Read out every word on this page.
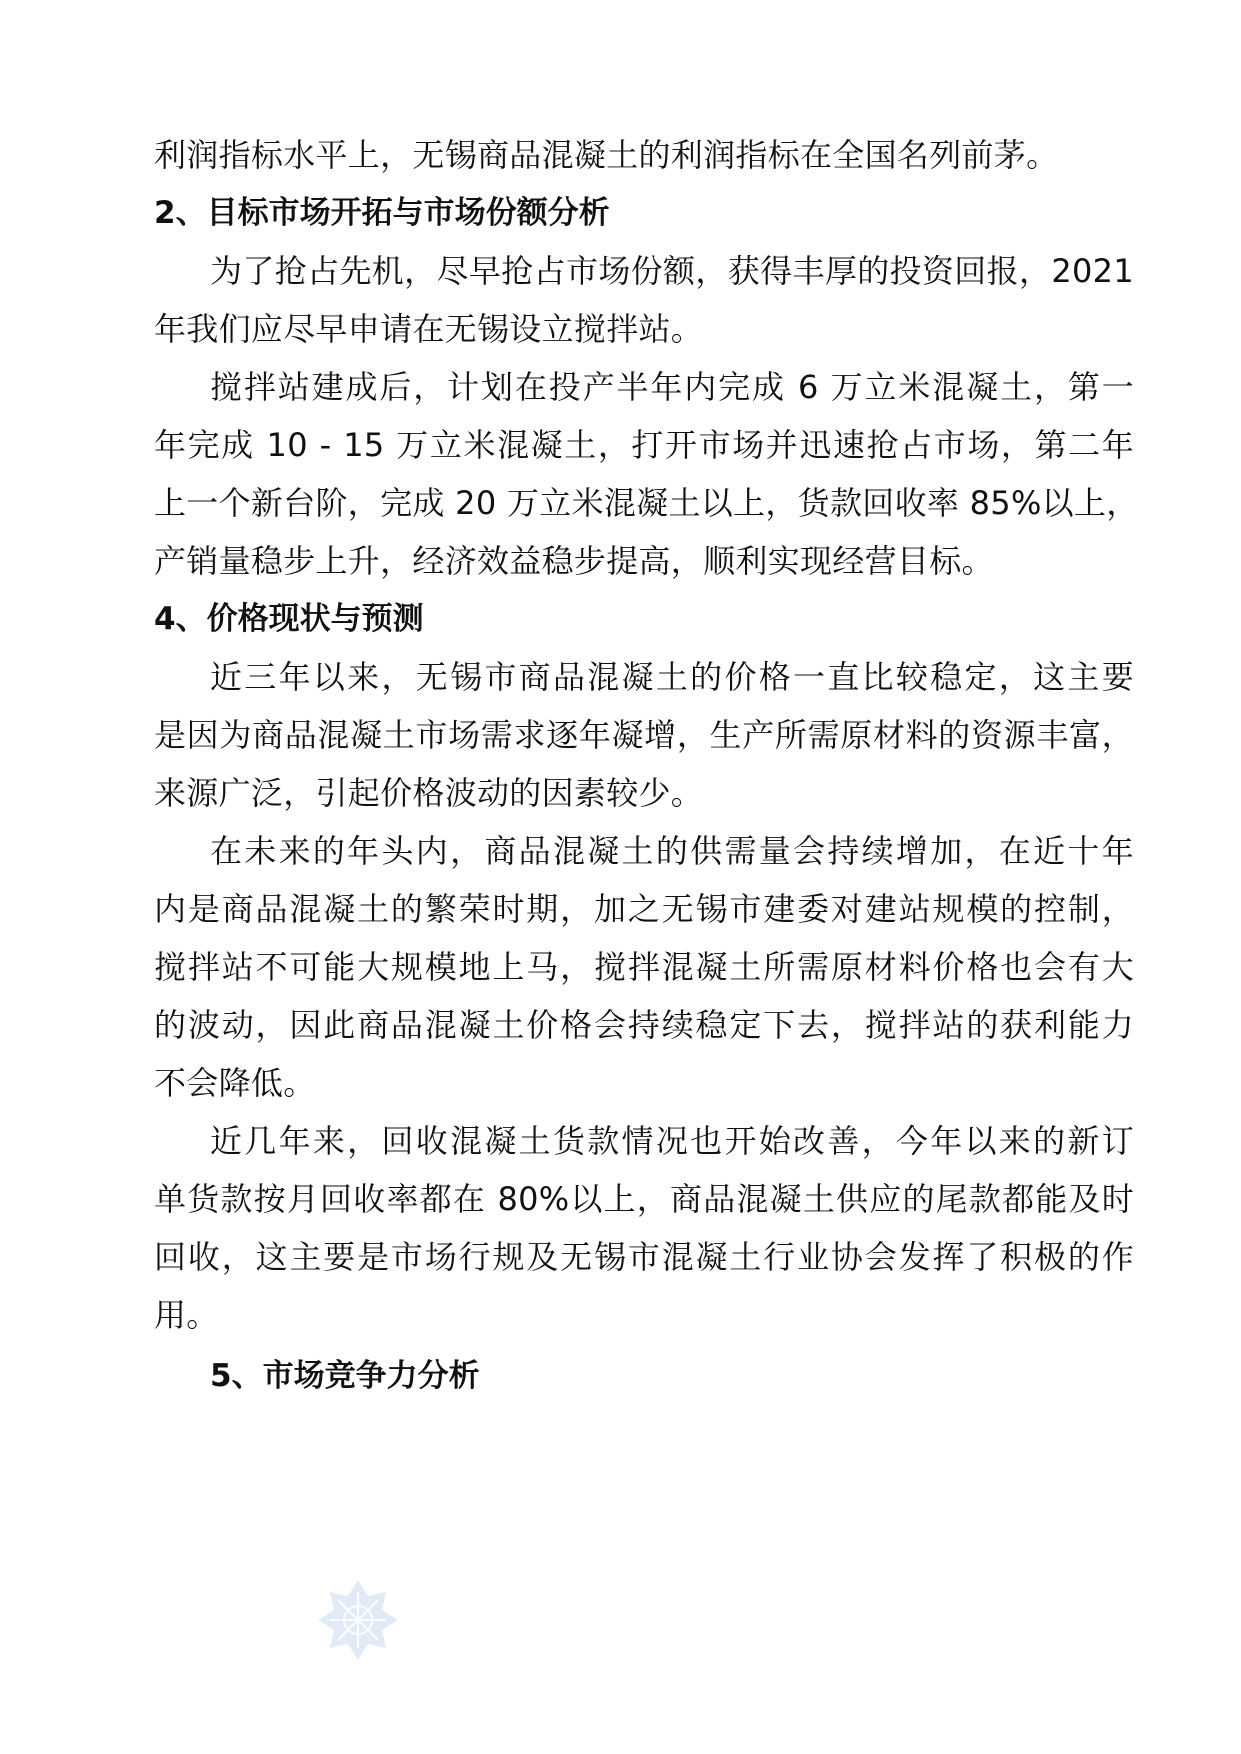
利润指标水平上，无锡商品混凝土的利润指标在全国名列前茅。
2、目标市场开拓与市场份额分析
为了抢占先机，尽早抢占市场份额，获得丰厚的投资回报，2021
年我们应尽早申请在无锡设立搅拌站。
搅拌站建成后，计划在投产半年内完成 6 万立米混凝土，第一
年完成 10 - 15 万立米混凝土，打开市场并迅速抢占市场，第二年
上一个新台阶，完成 20 万立米混凝土以上，货款回收率 85%以上，
产销量稳步上升，经济效益稳步提高，顺利实现经营目标。
4、价格现状与预测
近三年以来，无锡市商品混凝土的价格一直比较稳定，这主要
是因为商品混凝土市场需求逐年凝增，生产所需原材料的资源丰富，
来源广泛，引起价格波动的因素较少。
在未来的年头内，商品混凝土的供需量会持续增加，在近十年
内是商品混凝土的繁荣时期，加之无锡市建委对建站规模的控制，
搅拌站不可能大规模地上马，搅拌混凝土所需原材料价格也会有大
的波动，因此商品混凝土价格会持续稳定下去，搅拌站的获利能力
不会降低。
近几年来，回收混凝土货款情况也开始改善，今年以来的新订
单货款按月回收率都在 80%以上，商品混凝土供应的尾款都能及时
回收，这主要是市场行规及无锡市混凝土行业协会发挥了积极的作
用。
5、市场竞争力分析
